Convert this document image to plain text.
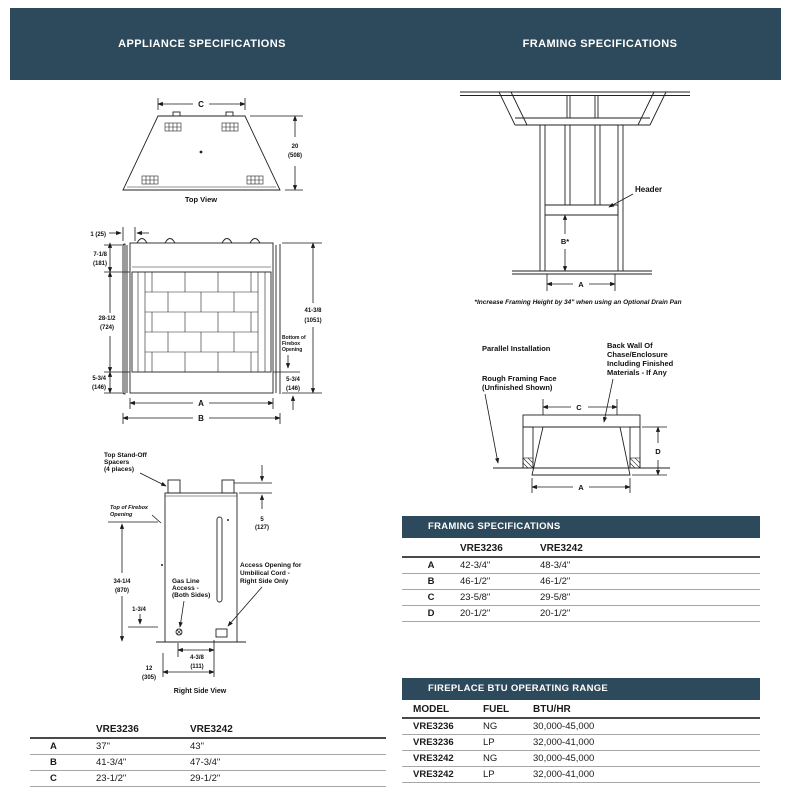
APPLIANCE SPECIFICATIONS	FRAMING SPECIFICATIONS
C
20
(508)
Top View
1 (25)
7-1/8
(181)
28-1/2
(724)
5-3/4
(146)
41-3/8
(1051)
Bottom of
Firebox
Opening
5-3/4
(146)
A
B
Top Stand-Off
Spacers
(4 places)
Top of Firebox
Opening
Gas Line
Access -
(Both Sides)
Access Opening for
Umbilical Cord -
Right Side Only
5
(127)
34-1/4
(870)
1-3/4
4-3/8
(111)
12
(305)
Right Side View
Header
B*
A
*Increase Framing Height by 34" when using an Optional Drain Pan
Parallel Installation	Back Wall Of
Chase/Enclosure
Including Finished
Materials - If Any
Rough Framing Face
(Unfinished Shown)
C
D
A
FRAMING SPECIFICATIONS
	VRE3236	VRE3242
A	42-3/4"	48-3/4"
B	46-1/2"	46-1/2"
C	23-5/8"	29-5/8"
D	20-1/2"	20-1/2"
FIREPLACE BTU OPERATING RANGE
MODEL	FUEL	BTU/HR
VRE3236	NG	30,000-45,000
VRE3236	LP	32,000-41,000
VRE3242	NG	30,000-45,000
VRE3242	LP	32,000-41,000
	VRE3236	VRE3242
A	37"	43"
B	41-3/4"	47-3/4"
C	23-1/2"	29-1/2"
